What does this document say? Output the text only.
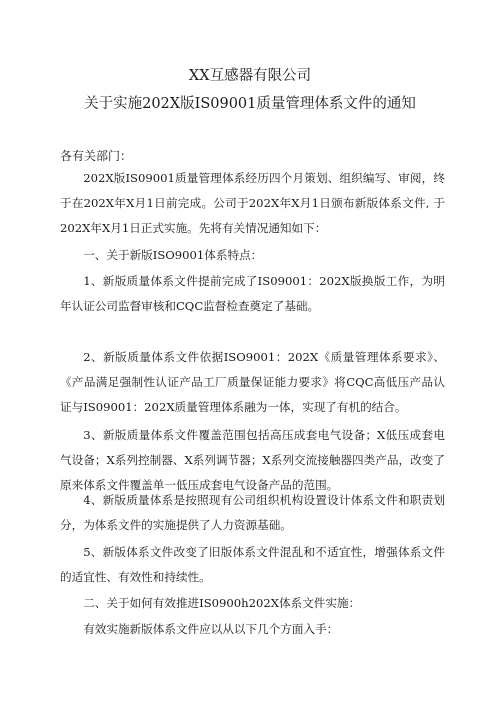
XX互感器有限公司
关于实施202X版IS09001质量管理体系文件的通知
各有关部门：
202X版IS09001质量管理体系经历四个月策划、组织编写、审阅，终于在202X年X月1日前完成。公司于202X年X月1日颁布新版体系文件, 于202X年X月1日正式实施。先将有关情况通知如下：
一、关于新版ISO9001体系特点：
1、新版质量体系文件提前完成了IS09001：202X版换版工作，为明年认证公司监督审核和CQC监督检查奠定了基础。
2、新版质量体系文件依据ISO9001：202X《质量管理体系要求》、《产品满足强制性认证产品工厂质量保证能力要求》将CQC高低压产品认证与IS09001：202X质量管理体系融为一体，实现了有机的结合。
3、新版质量体系文件覆盖范围包括高压成套电气设备；X低压成套电气设备；X系列控制器、X系列调节器；X系列交流接触器四类产品，改变了原来体系文件覆盖单一低压成套电气设备产品的范围。
4、新版质量体系是按照现有公司组织机构设置设计体系文件和职责划分，为体系文件的实施提供了人力资源基础。
5、新版体系文件改变了旧版体系文件混乱和不适宜性，增强体系文件的适宜性、有效性和持续性。
二、关于如何有效推进IS0900h202X体系文件实施：
有效实施新版体系文件应以从以下几个方面入手：
